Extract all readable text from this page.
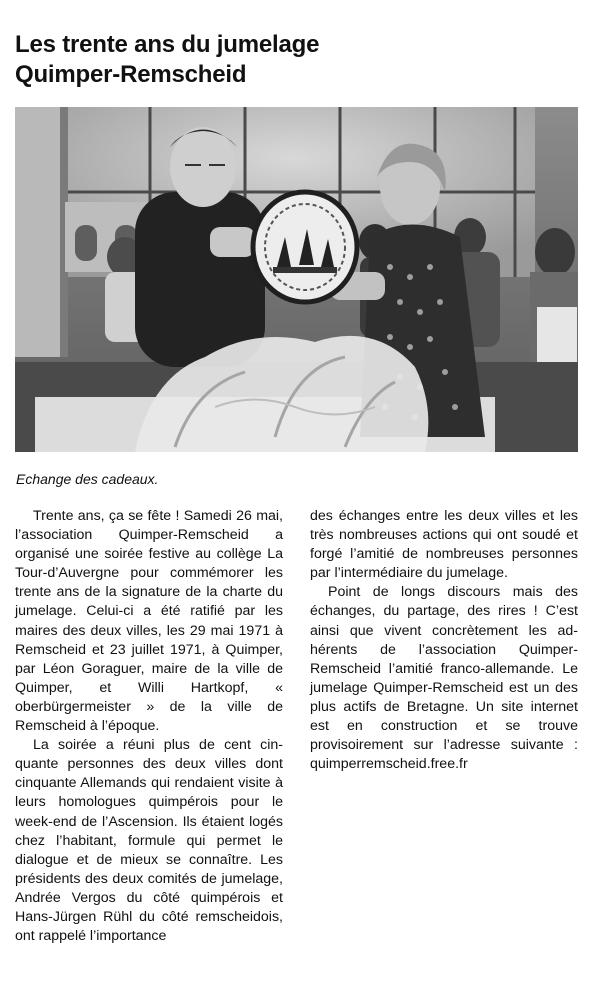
Les trente ans du jumelage
Quimper-Remscheid

Echange des cadeaux.

Trente ans, ça se fête ! Samedi 26 mai, l’association Quimper-Remscheid a organisé une soirée festive au collège La Tour-d’Auvergne pour commémorer les trente ans de la signature de la charte du jumelage. Celui-ci a été ratifié par les maires des deux villes, les 29 mai 1971 à Remscheid et 23 juillet 1971, à Quimper, par Léon Goraguer, maire de la ville de Quimper, et Willi Hartkopf, « oberbürgermeister » de la ville de Remscheid à l’époque.

La soirée a réuni plus de cent cinquante personnes des deux villes dont cinquante Allemands qui rendaient visite à leurs homologues quimpérois pour le week-end de l’Ascension. Ils étaient logés chez l’habitant, formule qui permet le dialogue et de mieux se connaître. Les présidents des deux comités de jumelage, Andrée Vergos du côté quimpérois et Hans-Jürgen Rühl du côté remscheidois, ont rappelé l’importance

des échanges entre les deux villes et les très nombreuses actions qui ont soudé et forgé l’amitié de nombreuses personnes par l’intermédiaire du jumelage.

Point de longs discours mais des échanges, du partage, des rires ! C’est ainsi que vivent concrètement les adhérents de l’association Quimper-Remscheid l’amitié franco-allemande. Le jumelage Quimper-Remscheid est un des plus actifs de Bretagne. Un site internet est en construction et se trouve provisoirement sur l’adresse suivante : quimperremscheid.free.fr
